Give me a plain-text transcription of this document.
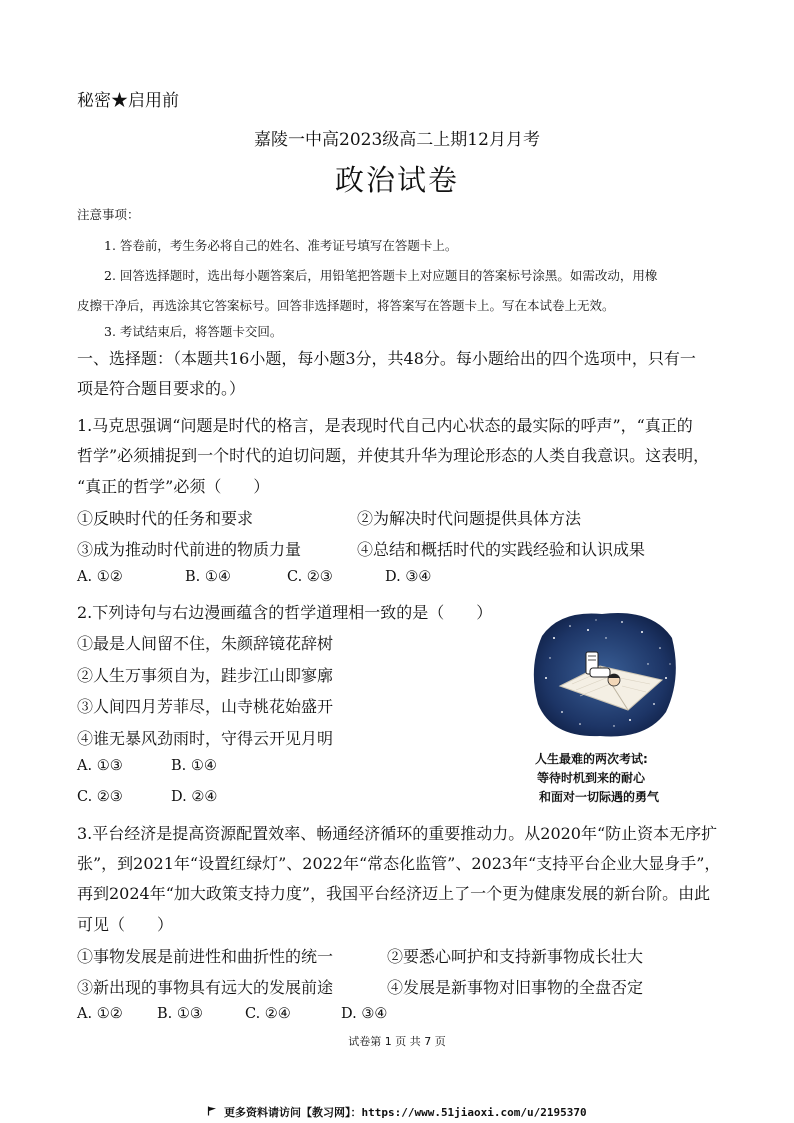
秘密★启用前
嘉陵一中高2023级高二上期12月月考
政治试卷
注意事项：
1. 答卷前，考生务必将自己的姓名、准考证号填写在答题卡上。
2. 回答选择题时，选出每小题答案后，用铅笔把答题卡上对应题目的答案标号涂黑。如需改动，用橡
皮擦干净后，再选涂其它答案标号。回答非选择题时，将答案写在答题卡上。写在本试卷上无效。
3. 考试结束后，将答题卡交回。
一、选择题：（本题共16小题，每小题3分，共48分。每小题给出的四个选项中，只有一
项是符合题目要求的。）
1.马克思强调“问题是时代的格言，是表现时代自己内心状态的最实际的呼声”，“真正的
哲学”必须捕捉到一个时代的迫切问题，并使其升华为理论形态的人类自我意识。这表明，
“真正的哲学”必须（　　）
①反映时代的任务和要求	②为解决时代问题提供具体方法
③成为推动时代前进的物质力量	④总结和概括时代的实践经验和认识成果
A. ①②	B. ①④	C. ②③	D. ③④
2.下列诗句与右边漫画蕴含的哲学道理相一致的是（　　）
①最是人间留不住，朱颜辞镜花辞树
②人生万事须自为，跬步江山即寥廓
③人间四月芳菲尽，山寺桃花始盛开
④谁无暴风劲雨时，守得云开见月明
A. ①③	B. ①④
C. ②③	D. ②④
人生最难的两次考试:
等待时机到来的耐心
和面对一切际遇的勇气
3.平台经济是提高资源配置效率、畅通经济循环的重要推动力。从2020年“防止资本无序扩
张”，到2021年“设置红绿灯”、2022年“常态化监管”、2023年“支持平台企业大显身手”，
再到2024年“加大政策支持力度”，我国平台经济迈上了一个更为健康发展的新台阶。由此
可见（　　）
①事物发展是前进性和曲折性的统一	②要悉心呵护和支持新事物成长壮大
③新出现的事物具有远大的发展前途	④发展是新事物对旧事物的全盘否定
A. ①② B. ①③	C. ②④	D. ③④
试卷第 1 页 共 7 页
更多资料请访问【教习网】：https://www.51jiaoxi.com/u/2195370
